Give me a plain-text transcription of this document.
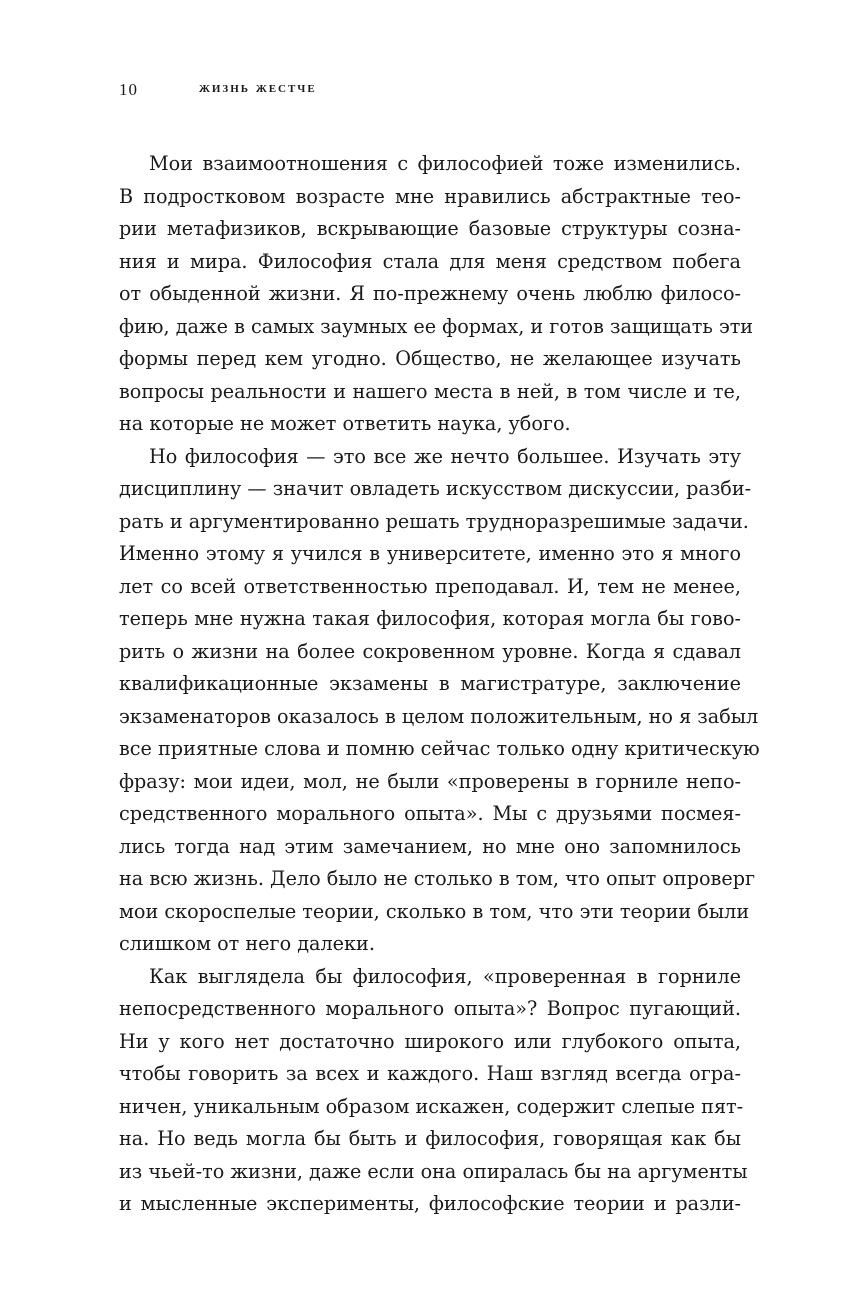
10	жизнь жестче
Мои взаимоотношения с философией тоже изменились.
В подростковом возрасте мне нравились абстрактные тео-
рии метафизиков, вскрывающие базовые структуры созна-
ния и мира. Философия стала для меня средством побега
от обыденной жизни. Я по-прежнему очень люблю филосо-
фию, даже в самых заумных ее формах, и готов защищать эти
формы перед кем угодно. Общество, не желающее изучать
вопросы реальности и нашего места в ней, в том числе и те,
на которые не может ответить наука, убого.
Но философия — это все же нечто большее. Изучать эту
дисциплину — значит овладеть искусством дискуссии, разби-
рать и аргументированно решать трудноразрешимые задачи.
Именно этому я учился в университете, именно это я много
лет со всей ответственностью преподавал. И, тем не менее,
теперь мне нужна такая философия, которая могла бы гово-
рить о жизни на более сокровенном уровне. Когда я сдавал
квалификационные экзамены в магистратуре, заключение
экзаменаторов оказалось в целом положительным, но я забыл
все приятные слова и помню сейчас только одну критическую
фразу: мои идеи, мол, не были «проверены в горниле непо-
средственного морального опыта». Мы с друзьями посмея-
лись тогда над этим замечанием, но мне оно запомнилось
на всю жизнь. Дело было не столько в том, что опыт опроверг
мои скороспелые теории, сколько в том, что эти теории были
слишком от него далеки.
Как выглядела бы философия, «проверенная в горниле
непосредственного морального опыта»? Вопрос пугающий.
Ни у кого нет достаточно широкого или глубокого опыта,
чтобы говорить за всех и каждого. Наш взгляд всегда огра-
ничен, уникальным образом искажен, содержит слепые пят-
на. Но ведь могла бы быть и философия, говорящая как бы
из чьей-то жизни, даже если она опиралась бы на аргументы
и мысленные эксперименты, философские теории и разли-
